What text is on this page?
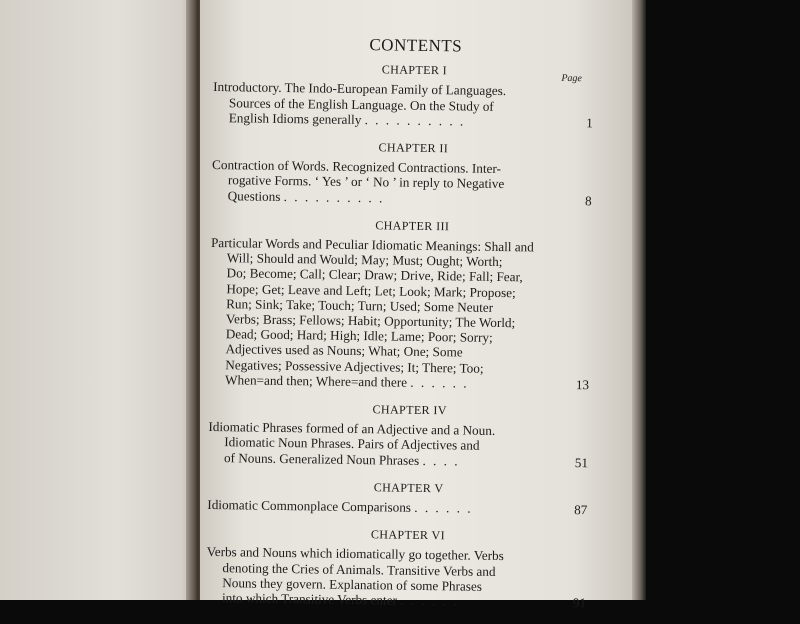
Page
CONTENTS
CHAPTER I
Introductory. The Indo-European Family of Languages.
Sources of the English Language. On the Study of
English Idioms generally . . . . . . . . . .	1
CHAPTER II
Contraction of Words. Recognized Contractions. Inter-
rogative Forms. ‘ Yes ’ or ‘ No ’ in reply to Negative
Questions . . . . . . . . . .	8
CHAPTER III
Particular Words and Peculiar Idiomatic Meanings: Shall and
Will; Should and Would; May; Must; Ought; Worth;
Do; Become; Call; Clear; Draw; Drive, Ride; Fall; Fear,
Hope; Get; Leave and Left; Let; Look; Mark; Propose;
Run; Sink; Take; Touch; Turn; Used; Some Neuter
Verbs; Brass; Fellows; Habit; Opportunity; The World;
Dead; Good; Hard; High; Idle; Lame; Poor; Sorry;
Adjectives used as Nouns; What; One; Some
Negatives; Possessive Adjectives; It; There; Too;
When=and then; Where=and there . . . . . .	13
CHAPTER IV
Idiomatic Phrases formed of an Adjective and a Noun.
Idiomatic Noun Phrases. Pairs of Adjectives and
of Nouns. Generalized Noun Phrases . . . .	51
CHAPTER V
Idiomatic Commonplace Comparisons . . . . . .	87
CHAPTER VI
Verbs and Nouns which idiomatically go together. Verbs
denoting the Cries of Animals. Transitive Verbs and
Nouns they govern. Explanation of some Phrases
into which Transitive Verbs enter . . . . . .	91
